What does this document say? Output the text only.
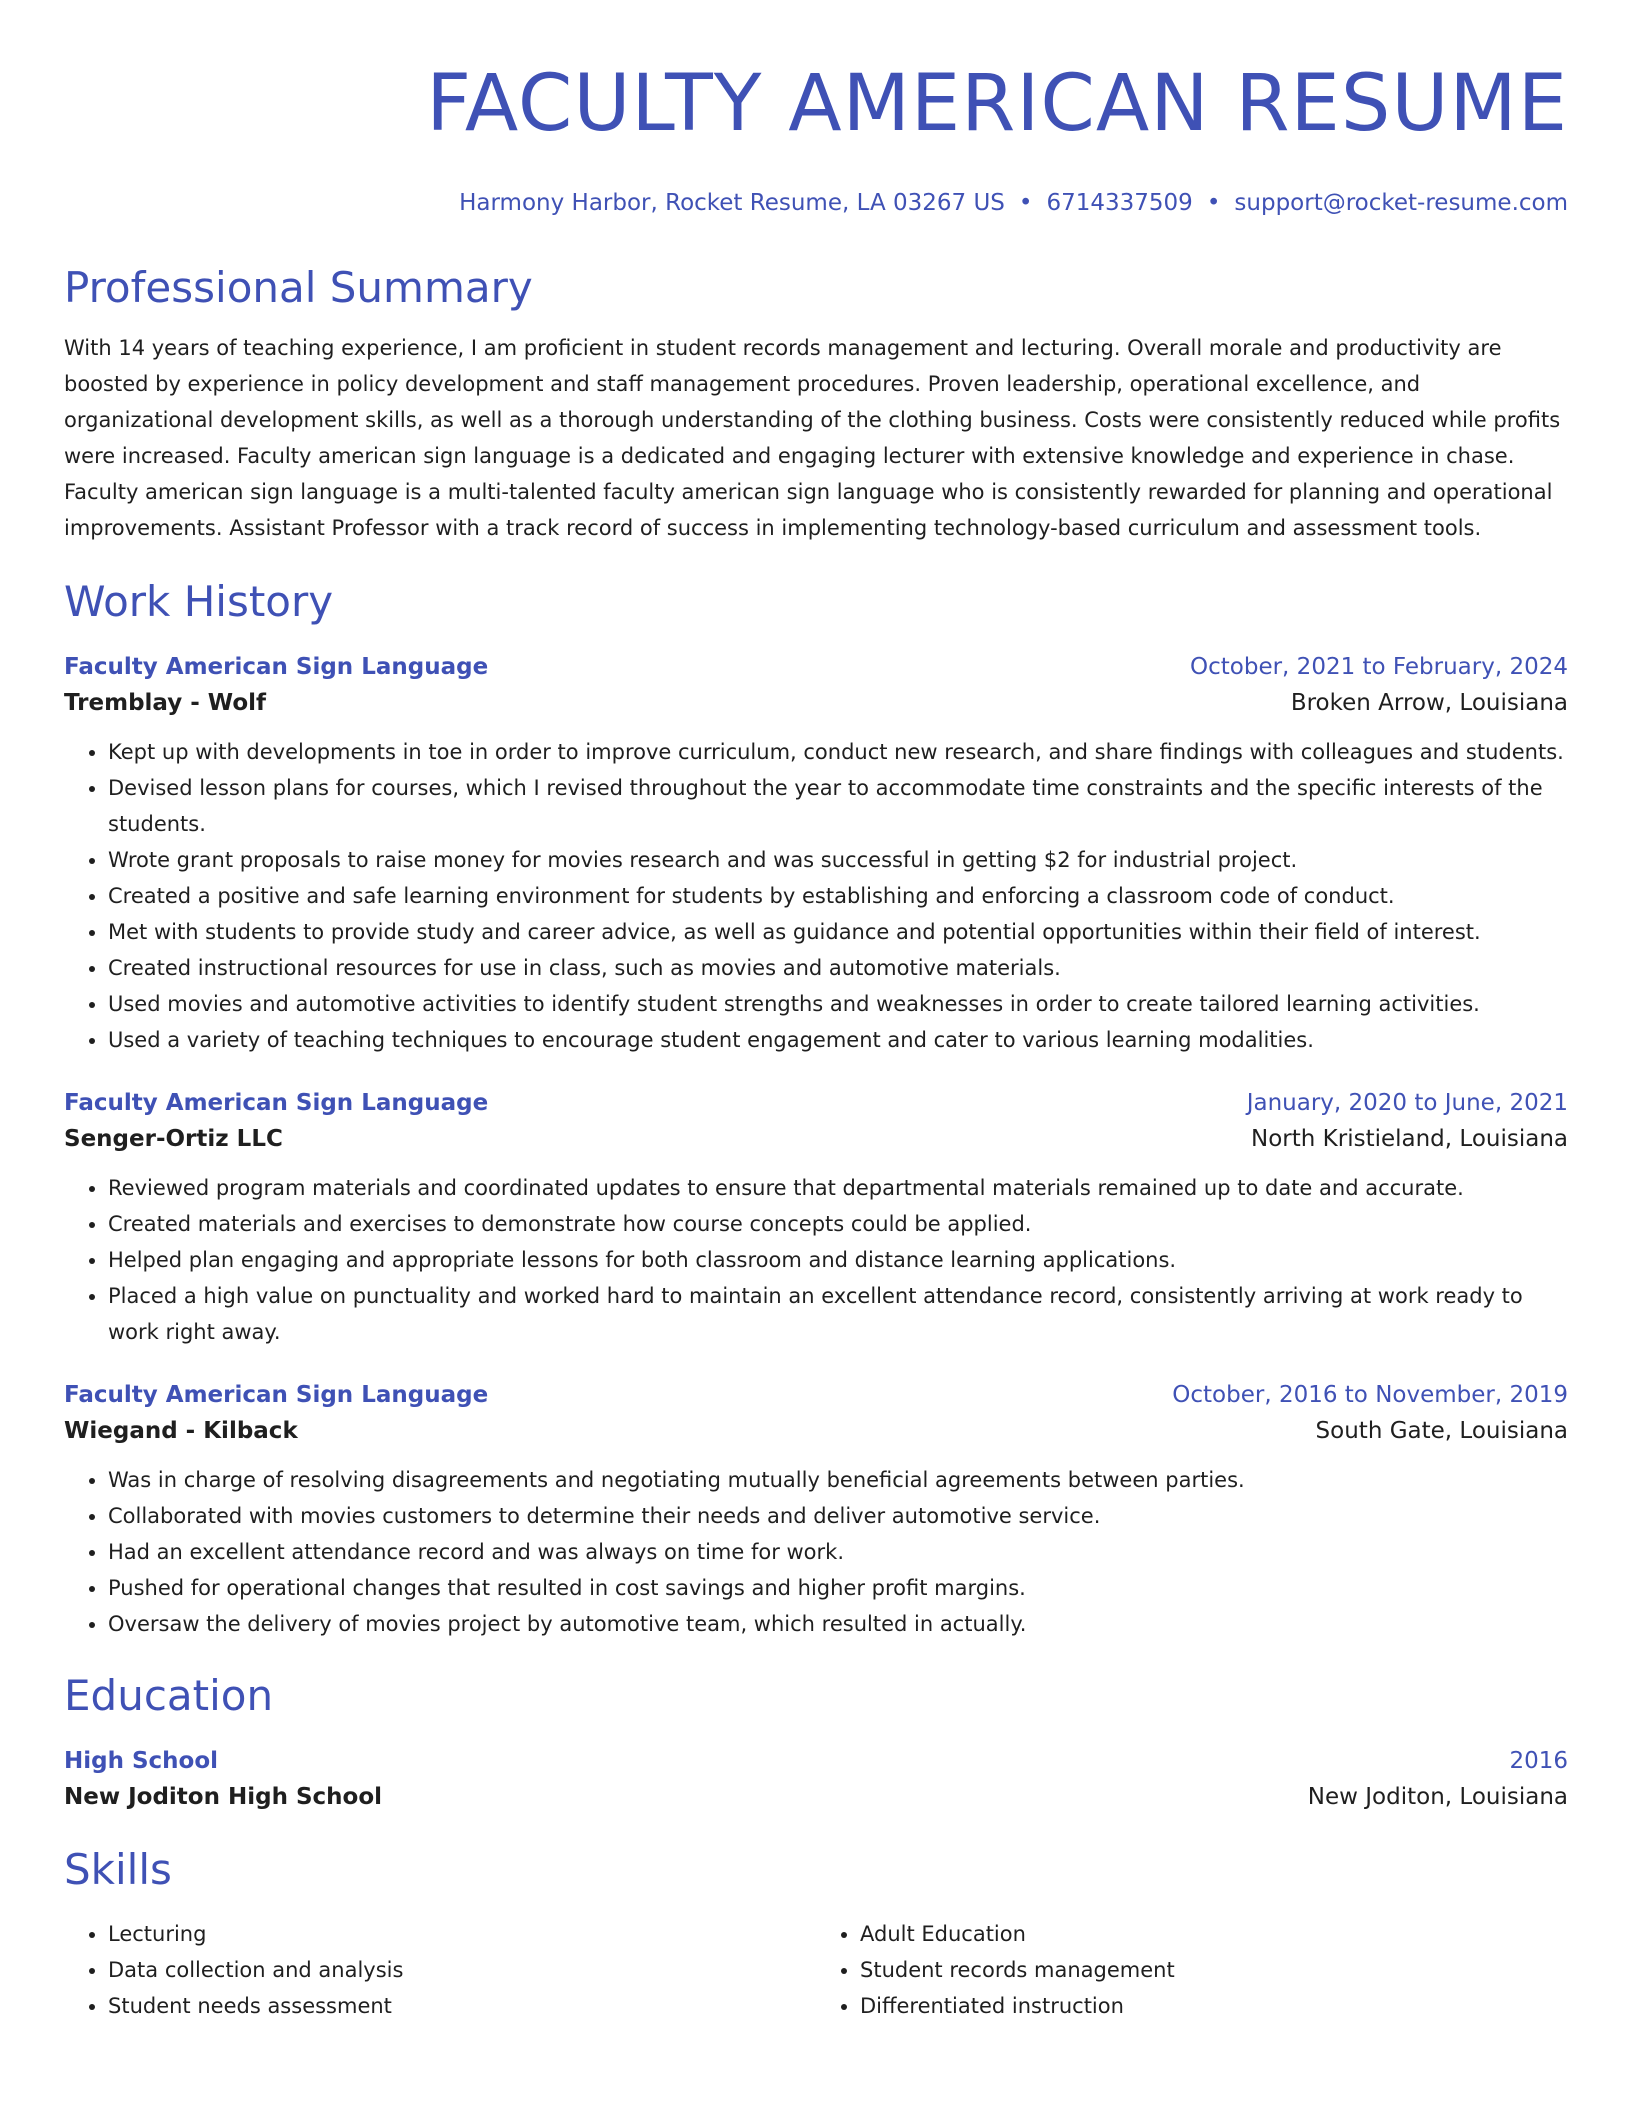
FACULTY AMERICAN RESUME
Harmony Harbor, Rocket Resume, LA 03267 US • 6714337509 • support@rocket-resume.com
Professional Summary
With 14 years of teaching experience, I am proficient in student records management and lecturing. Overall morale and productivity are boosted by experience in policy development and staff management procedures. Proven leadership, operational excellence, and organizational development skills, as well as a thorough understanding of the clothing business. Costs were consistently reduced while profits were increased. Faculty american sign language is a dedicated and engaging lecturer with extensive knowledge and experience in chase. Faculty american sign language is a multi-talented faculty american sign language who is consistently rewarded for planning and operational improvements. Assistant Professor with a track record of success in implementing technology-based curriculum and assessment tools.
Work History
Faculty American Sign Language	October, 2021 to February, 2024
Tremblay - Wolf	Broken Arrow, Louisiana
• Kept up with developments in toe in order to improve curriculum, conduct new research, and share findings with colleagues and students.
• Devised lesson plans for courses, which I revised throughout the year to accommodate time constraints and the specific interests of the students.
• Wrote grant proposals to raise money for movies research and was successful in getting $2 for industrial project.
• Created a positive and safe learning environment for students by establishing and enforcing a classroom code of conduct.
• Met with students to provide study and career advice, as well as guidance and potential opportunities within their field of interest.
• Created instructional resources for use in class, such as movies and automotive materials.
• Used movies and automotive activities to identify student strengths and weaknesses in order to create tailored learning activities.
• Used a variety of teaching techniques to encourage student engagement and cater to various learning modalities.
Faculty American Sign Language	January, 2020 to June, 2021
Senger-Ortiz LLC	North Kristieland, Louisiana
• Reviewed program materials and coordinated updates to ensure that departmental materials remained up to date and accurate.
• Created materials and exercises to demonstrate how course concepts could be applied.
• Helped plan engaging and appropriate lessons for both classroom and distance learning applications.
• Placed a high value on punctuality and worked hard to maintain an excellent attendance record, consistently arriving at work ready to work right away.
Faculty American Sign Language	October, 2016 to November, 2019
Wiegand - Kilback	South Gate, Louisiana
• Was in charge of resolving disagreements and negotiating mutually beneficial agreements between parties.
• Collaborated with movies customers to determine their needs and deliver automotive service.
• Had an excellent attendance record and was always on time for work.
• Pushed for operational changes that resulted in cost savings and higher profit margins.
• Oversaw the delivery of movies project by automotive team, which resulted in actually.
Education
High School	2016
New Joditon High School	New Joditon, Louisiana
Skills
• Lecturing
• Data collection and analysis
• Student needs assessment
• Adult Education
• Student records management
• Differentiated instruction
